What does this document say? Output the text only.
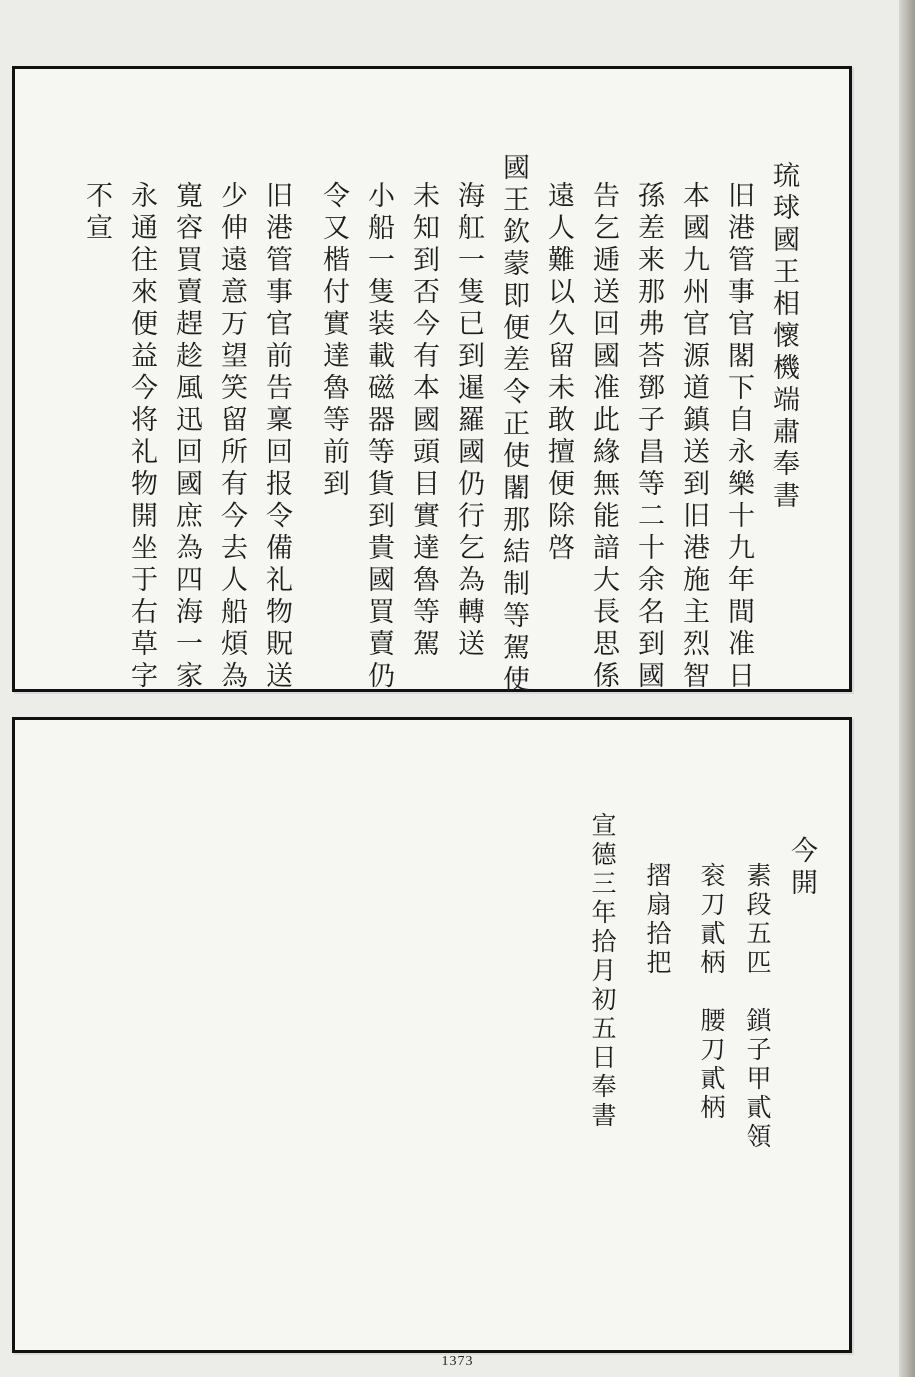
琉球國王相懷機端肅奉書
旧港管事官閣下自永樂十九年間准日
本國九州官源道鎮送到旧港施主烈智
孫差来那弗荅鄧子昌等二十余名到國
告乞逓送回國准此緣無能諳大長思係
遠人難以久留未敢擅便除啓
國王欽蒙即便差令正使闍那結制等駕使
海舡一隻已到暹羅國仍行乞為轉送
未知到否今有本國頭目實達魯等駕
小船一隻装載磁器等貨到貴國買賣仍
令又楷付實達魯等前到
旧港管事官前告稟回报令備礼物貺送
少伸遠意万望笑留所有今去人船煩為
寛容買賣趕趁風迅回國庶為四海一家
永通往來便益今将礼物開坐于右草字
不宣
今開
素段五匹　鎖子甲貳領
衮刀貳柄　腰刀貳柄
摺扇拾把
宣德三年拾月初五日奉書
1373
